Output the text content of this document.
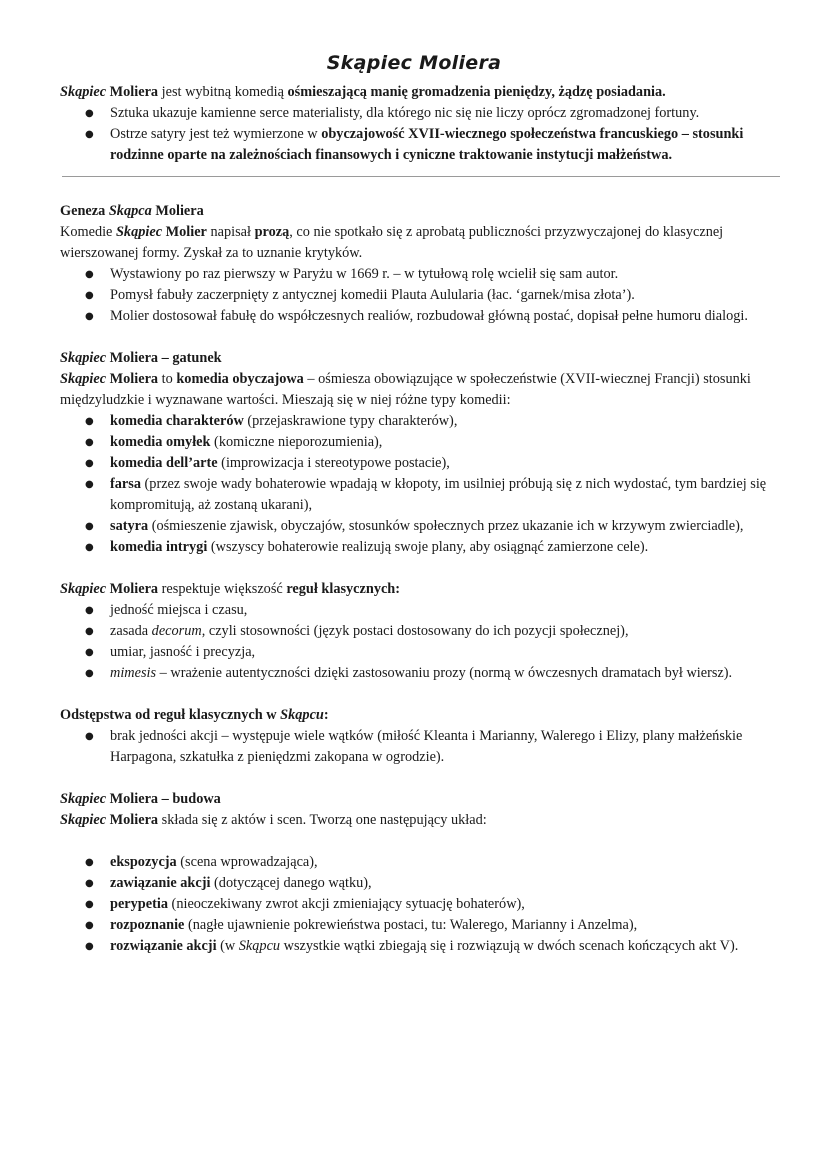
Skąpiec Moliera

Skąpiec Moliera jest wybitną komedią ośmieszającą manię gromadzenia pieniędzy, żądzę posiadania.

● Sztuka ukazuje kamienne serce materialisty, dla którego nic się nie liczy oprócz zgromadzonej fortuny.
● Ostrze satyry jest też wymierzone w obyczajowość XVII-wiecznego społeczeństwa francuskiego – stosunki rodzinne oparte na zależnościach finansowych i cyniczne traktowanie instytucji małżeństwa.

Geneza Skąpca Moliera

Komedie Skąpiec Molier napisał prozą, co nie spotkało się z aprobatą publiczności przyzwyczajonej do klasycznej wierszowanej formy. Zyskał za to uznanie krytyków.

● Wystawiony po raz pierwszy w Paryżu w 1669 r. – w tytułową rolę wcielił się sam autor.
● Pomysł fabuły zaczerpnięty z antycznej komedii Plauta Aulularia (łac. ‘garnek/misa złota’).
● Molier dostosował fabułę do współczesnych realiów, rozbudował główną postać, dopisał pełne humoru dialogi.

Skąpiec Moliera – gatunek

Skąpiec Moliera to komedia obyczajowa – ośmiesza obowiązujące w społeczeństwie (XVII-wiecznej Francji) stosunki międzyludzkie i wyznawane wartości. Mieszają się w niej różne typy komedii:

● komedia charakterów (przejaskrawione typy charakterów),
● komedia omyłek (komiczne nieporozumienia),
● komedia dell’arte (improwizacja i stereotypowe postacie),
● farsa (przez swoje wady bohaterowie wpadają w kłopoty, im usilniej próbują się z nich wydostać, tym bardziej się kompromitują, aż zostaną ukarani),
● satyra (ośmieszenie zjawisk, obyczajów, stosunków społecznych przez ukazanie ich w krzywym zwierciadle),
● komedia intrygi (wszyscy bohaterowie realizują swoje plany, aby osiągnąć zamierzone cele).

Skąpiec Moliera respektuje większość reguł klasycznych:

● jedność miejsca i czasu,
● zasada decorum, czyli stosowności (język postaci dostosowany do ich pozycji społecznej),
● umiar, jasność i precyzja,
● mimesis – wrażenie autentyczności dzięki zastosowaniu prozy (normą w ówczesnych dramatach był wiersz).

Odstępstwa od reguł klasycznych w Skąpcu:

● brak jedności akcji – występuje wiele wątków (miłość Kleanta i Marianny, Walerego i Elizy, plany małżeńskie Harpagona, szkatułka z pieniędzmi zakopana w ogrodzie).

Skąpiec Moliera – budowa

Skąpiec Moliera składa się z aktów i scen. Tworzą one następujący układ:

● ekspozycja (scena wprowadzająca),
● zawiązanie akcji (dotyczącej danego wątku),
● perypetia (nieoczekiwany zwrot akcji zmieniający sytuację bohaterów),
● rozpoznanie (nagłe ujawnienie pokrewieństwa postaci, tu: Walerego, Marianny i Anzelma),
● rozwiązanie akcji (w Skąpcu wszystkie wątki zbiegają się i rozwiązują w dwóch scenach kończących akt V).
